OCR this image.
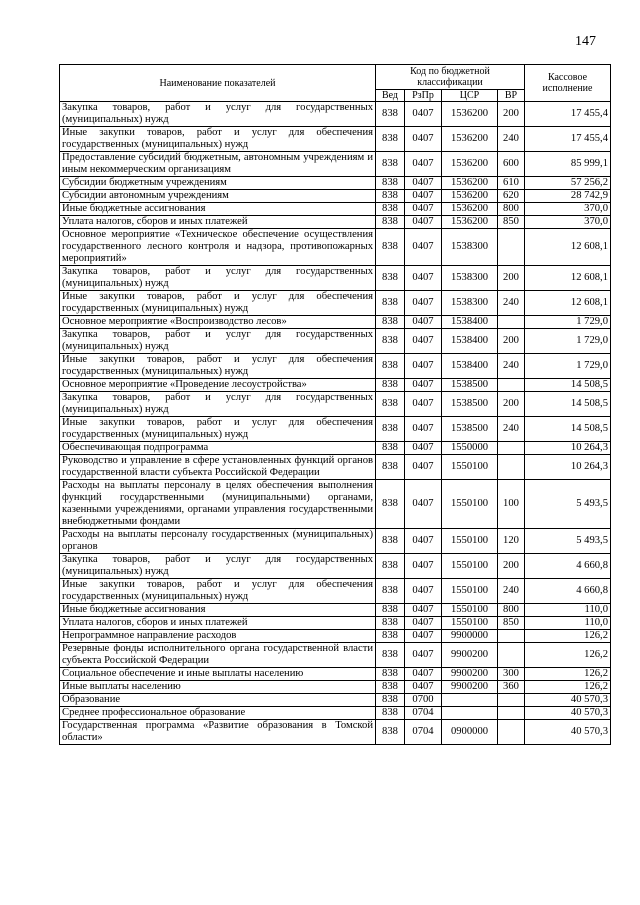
147
Наименование показателей	Код по бюджетной классификации				Кассовое исполнение
	Вед	РзПр	ЦСР	ВР	
Закупка товаров, работ и услуг для государственных (муниципальных) нужд	838	0407	1536200	200	17 455,4
Иные закупки товаров, работ и услуг для обеспечения государственных (муниципальных) нужд	838	0407	1536200	240	17 455,4
Предоставление субсидий бюджетным, автономным учреждениям и иным некоммерческим организациям	838	0407	1536200	600	85 999,1
Субсидии бюджетным учреждениям	838	0407	1536200	610	57 256,2
Субсидии автономным учреждениям	838	0407	1536200	620	28 742,9
Иные бюджетные ассигнования	838	0407	1536200	800	370,0
Уплата налогов, сборов и иных платежей	838	0407	1536200	850	370,0
Основное мероприятие «Техническое обеспечение осуществления государственного лесного контроля и надзора, противопожарных мероприятий»	838	0407	1538300		12 608,1
Закупка товаров, работ и услуг для государственных (муниципальных) нужд	838	0407	1538300	200	12 608,1
Иные закупки товаров, работ и услуг для обеспечения государственных (муниципальных) нужд	838	0407	1538300	240	12 608,1
Основное мероприятие «Воспроизводство лесов»	838	0407	1538400		1 729,0
Закупка товаров, работ и услуг для государственных (муниципальных) нужд	838	0407	1538400	200	1 729,0
Иные закупки товаров, работ и услуг для обеспечения государственных (муниципальных) нужд	838	0407	1538400	240	1 729,0
Основное мероприятие «Проведение лесоустройства»	838	0407	1538500		14 508,5
Закупка товаров, работ и услуг для государственных (муниципальных) нужд	838	0407	1538500	200	14 508,5
Иные закупки товаров, работ и услуг для обеспечения государственных (муниципальных) нужд	838	0407	1538500	240	14 508,5
Обеспечивающая подпрограмма	838	0407	1550000		10 264,3
Руководство и управление в сфере установленных функций органов государственной власти субъекта Российской Федерации	838	0407	1550100		10 264,3
Расходы на выплаты персоналу в целях обеспечения выполнения функций государственными (муниципальными) органами, казенными учреждениями, органами управления государственными внебюджетными фондами	838	0407	1550100	100	5 493,5
Расходы на выплаты персоналу государственных (муниципальных) органов	838	0407	1550100	120	5 493,5
Закупка товаров, работ и услуг для государственных (муниципальных) нужд	838	0407	1550100	200	4 660,8
Иные закупки товаров, работ и услуг для обеспечения государственных (муниципальных) нужд	838	0407	1550100	240	4 660,8
Иные бюджетные ассигнования	838	0407	1550100	800	110,0
Уплата налогов, сборов и иных платежей	838	0407	1550100	850	110,0
Непрограммное направление расходов	838	0407	9900000		126,2
Резервные фонды исполнительного органа государственной власти субъекта Российской Федерации	838	0407	9900200		126,2
Социальное обеспечение и иные выплаты населению	838	0407	9900200	300	126,2
Иные выплаты населению	838	0407	9900200	360	126,2
Образование	838	0700			40 570,3
Среднее профессиональное образование	838	0704			40 570,3
Государственная программа «Развитие образования в Томской области»	838	0704	0900000		40 570,3
